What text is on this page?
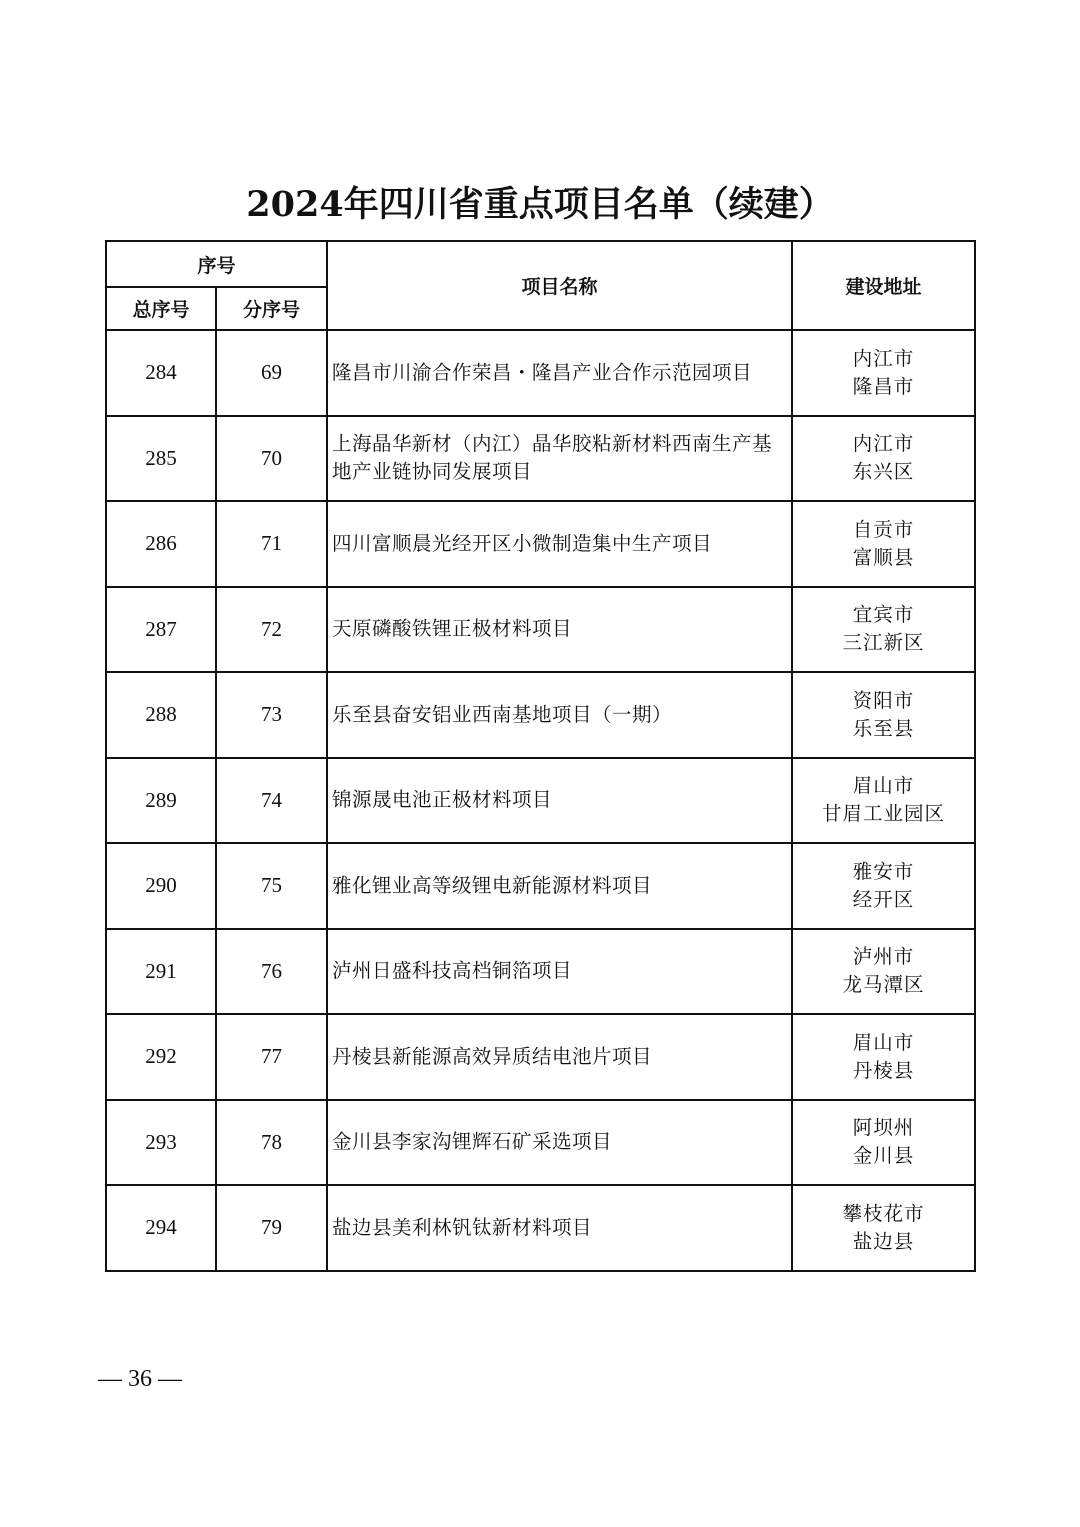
2024年四川省重点项目名单（续建）
序号		项目名称	建设地址
总序号	分序号		
284	69	隆昌市川渝合作荣昌・隆昌产业合作示范园项目	内江市
隆昌市

285	70	上海晶华新材（内江）晶华胶粘新材料西南生产基地产业链协同发展项目	内江市
东兴区

286	71	四川富顺晨光经开区小微制造集中生产项目	自贡市
富顺县

287	72	天原磷酸铁锂正极材料项目	宜宾市
三江新区

288	73	乐至县奋安铝业西南基地项目（一期）	资阳市
乐至县

289	74	锦源晟电池正极材料项目	眉山市
甘眉工业园区

290	75	雅化锂业高等级锂电新能源材料项目	雅安市
经开区

291	76	泸州日盛科技高档铜箔项目	泸州市
龙马潭区

292	77	丹棱县新能源高效异质结电池片项目	眉山市
丹棱县

293	78	金川县李家沟锂辉石矿采选项目	阿坝州
金川县

294	79	盐边县美利林钒钛新材料项目	攀枝花市
盐边县
— 36 —
